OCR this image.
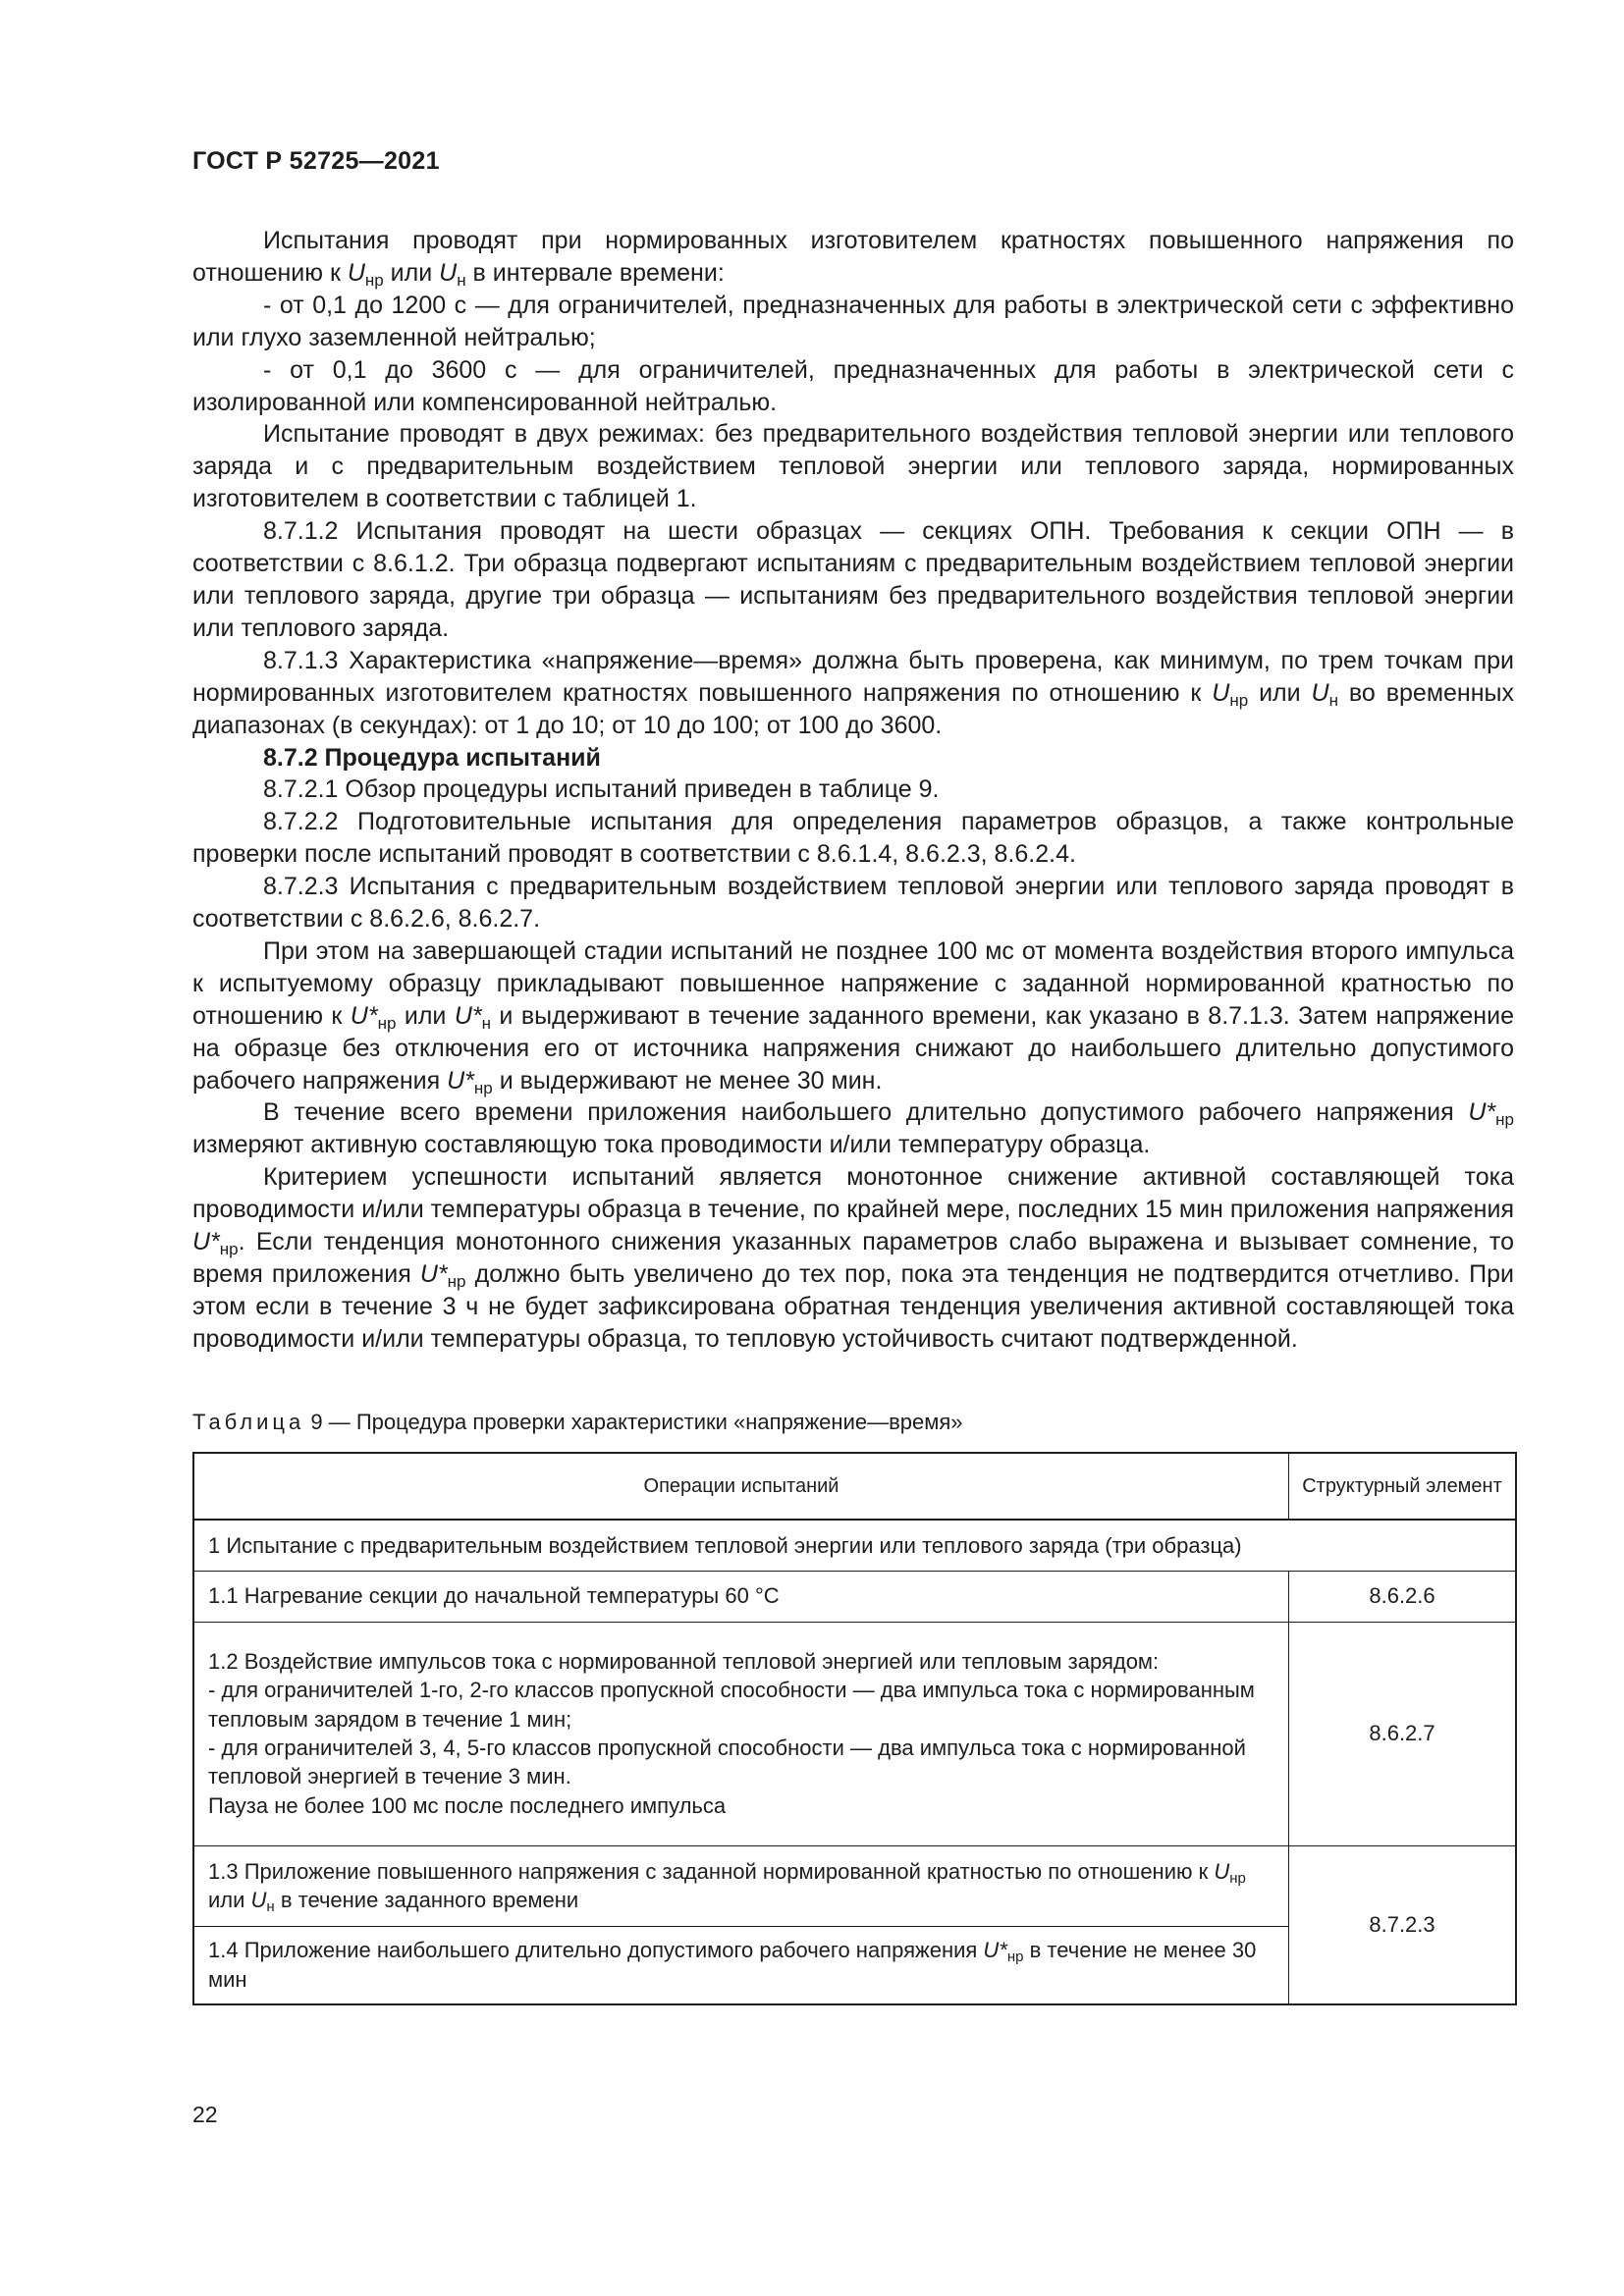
ГОСТ Р 52725—2021

Испытания проводят при нормированных изготовителем кратностях повышенного напряжения по отношению к $U_{нр}$ или $U_н$ в интервале времени:

- от 0,1 до 1200 с — для ограничителей, предназначенных для работы в электрической сети с эффективно или глухо заземленной нейтралью;

- от 0,1 до 3600 с — для ограничителей, предназначенных для работы в электрической сети с изолированной или компенсированной нейтралью.

Испытание проводят в двух режимах: без предварительного воздействия тепловой энергии или теплового заряда и с предварительным воздействием тепловой энергии или теплового заряда, нормированных изготовителем в соответствии с таблицей 1.

8.7.1.2 Испытания проводят на шести образцах — секциях ОПН. Требования к секции ОПН — в соответствии с 8.6.1.2. Три образца подвергают испытаниям с предварительным воздействием тепловой энергии или теплового заряда, другие три образца — испытаниям без предварительного воздействия тепловой энергии или теплового заряда.

8.7.1.3 Характеристика «напряжение—время» должна быть проверена, как минимум, по трем точкам при нормированных изготовителем кратностях повышенного напряжения по отношению к $U_{нр}$ или $U_н$ во временных диапазонах (в секундах): от 1 до 10; от 10 до 100; от 100 до 3600.

8.7.2 Процедура испытаний

8.7.2.1 Обзор процедуры испытаний приведен в таблице 9.

8.7.2.2 Подготовительные испытания для определения параметров образцов, а также контрольные проверки после испытаний проводят в соответствии с 8.6.1.4, 8.6.2.3, 8.6.2.4.

8.7.2.3 Испытания с предварительным воздействием тепловой энергии или теплового заряда проводят в соответствии с 8.6.2.6, 8.6.2.7.

При этом на завершающей стадии испытаний не позднее 100 мс от момента воздействия второго импульса к испытуемому образцу прикладывают повышенное напряжение с заданной нормированной кратностью по отношению к $U*_{нр}$ или $U*_н$ и выдерживают в течение заданного времени, как указано в 8.7.1.3. Затем напряжение на образце без отключения его от источника напряжения снижают до наибольшего длительно допустимого рабочего напряжения $U*_{нр}$ и выдерживают не менее 30 мин.

В течение всего времени приложения наибольшего длительно допустимого рабочего напряжения $U*_{нр}$ измеряют активную составляющую тока проводимости и/или температуру образца.

Критерием успешности испытаний является монотонное снижение активной составляющей тока проводимости и/или температуры образца в течение, по крайней мере, последних 15 мин приложения напряжения $U*_{нр}$. Если тенденция монотонного снижения указанных параметров слабо выражена и вызывает сомнение, то время приложения $U*_{нр}$ должно быть увеличено до тех пор, пока эта тенденция не подтвердится отчетливо. При этом если в течение 3 ч не будет зафиксирована обратная тенденция увеличения активной составляющей тока проводимости и/или температуры образца, то тепловую устойчивость считают подтвержденной.

Таблица 9 — Процедура проверки характеристики «напряжение—время»
Операции испытаний	Структурный элемент
1 Испытание с предварительным воздействием тепловой энергии или теплового заряда (три образца)	
1.1 Нагревание секции до начальной температуры 60 °С	8.6.2.6

1.2 Воздействие импульсов тока с нормированной тепловой энергией или тепловым зарядом:
- для ограничителей 1-го, 2-го классов пропускной способности — два импульса тока с нормированным тепловым зарядом в течение 1 мин;
- для ограничителей 3, 4, 5-го классов пропускной способности — два импульса тока с нормированной тепловой энергией в течение 3 мин.
Пауза не более 100 мс после последнего импульса	8.6.2.7
1.3 Приложение повышенного напряжения с заданной нормированной кратностью по отношению к $U_{нр}$ или $U_н$ в течение заданного времени	8.7.2.3
1.4 Приложение наибольшего длительно допустимого рабочего напряжения $U*_{нр}$ в течение не менее 30 мин	
22
